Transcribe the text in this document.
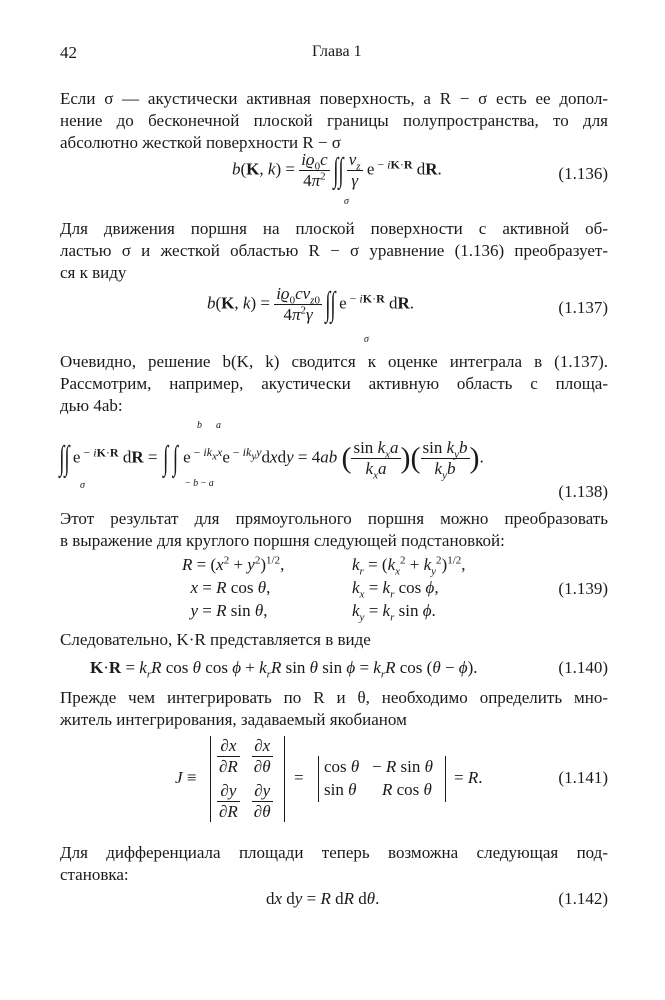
42	Глава 1
Если σ — акустически активная поверхность, а R − σ есть ее допол-
нение до бесконечной плоской границы полупространства, то для
абсолютно жесткой поверхности R − σ
b(K, $k) = \frac{iϱ_0c}{4\pi^2}$ ∫∫ $\frac{v_z}{\gamma}$ e $^{- iK\cdot R}$ dR.
σ
(1.136)
Для движения поршня на плоской поверхности с активной об-
ластью σ и жесткой областью R − σ уравнение (1.136) преобразует-
ся к виду
b(K, $k) = \frac{iϱ_0cv_{z0}}{4\pi^2\gamma}$ ∫∫ e $^{- iK\cdot R}$ dR.
σ
(1.137)
Очевидно, решение b(K, k) сводится к оценке интеграла в (1.137).
Рассмотрим, например, акустически активную область с площа-
дью 4ab:
b a
∫∫ e $^{- iK\cdot R}$ dR = ∫ ∫ e $^{- ik_xx}$e $^{- ik_yy}$dxdy = 4ab ( $\frac{\sin k_xa}{k_xa}$ )( $\frac{\sin k_yb}{k_yb}$ ).
σ	− b − a	(1.138)
Этот результат для прямоугольного поршня можно преобразовать
в выражение для круглого поршня следующей подстановкой:
$R = (x^2 + y^2)^{1/2}$,	$k_r = (k_x^2 + k_y^2)^{1/2}$,
x = R cos θ,	$k_x = k_r$ cos ϕ,
y = R sin θ,	$k_y = k_r$ sin ϕ.
(1.139)
Следовательно, K·R представляется в виде
$K\cdot R = k_rR$ cos θ $\cos \phi + k_rR$ sin θ $\sin \phi = k_rR$ cos (θ − ϕ).	(1.140)
Прежде чем интегрировать по R и θ, необходимо определить мно-
житель интегрирования, задаваемый якобианом
J ≡
$\frac{\partial x}{\partial R} \frac{\partial x}{\partial\theta}$
$\frac{\partial y}{\partial R} \frac{\partial y}{\partial\theta}$
=
cos θ   − R sin θ
sin θ R cos θ
= R.	(1.141)
Для дифференциала площади теперь возможна следующая под-
становка:
dx dy = R dR dθ.	(1.142)
